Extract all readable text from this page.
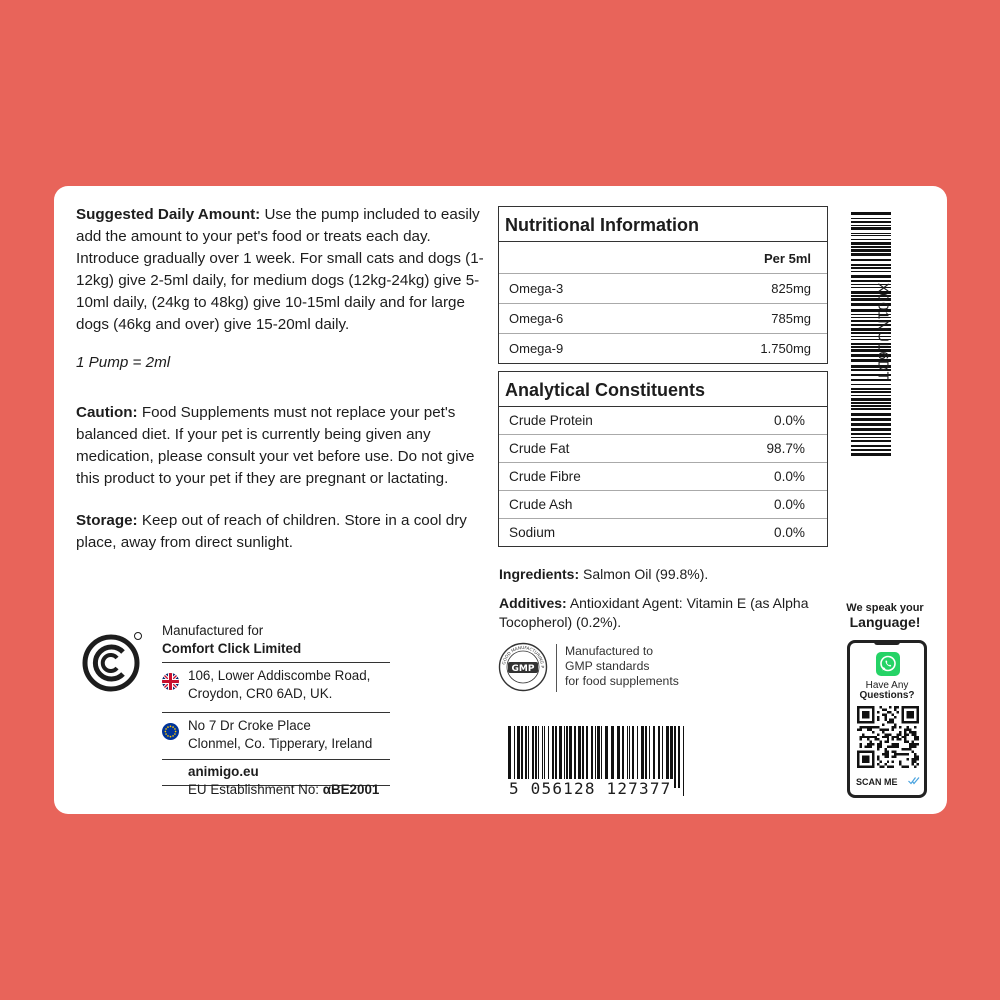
Suggested Daily Amount: Use the pump included to easily add the amount to your pet's food or treats each day. Introduce gradually over 1 week. For small cats and dogs (1-12kg) give 2-5ml daily, for medium dogs (12kg-24kg) give 5-10ml daily, (24kg to 48kg) give 10-15ml daily and for large dogs (46kg and over) give 15-20ml daily.

1 Pump = 2ml

Caution: Food Supplements must not replace your pet's balanced diet. If your pet is currently being given any medication, please consult your vet before use. Do not give this product to your pet if they are pregnant or lactating.

Storage: Keep out of reach of children. Store in a cool dry place, away from direct sunlight.

Manufactured for
Comfort Click Limited
106, Lower Addiscombe Road,
Croydon, CR0 6AD, UK.
No 7 Dr Croke Place
Clonmel, Co. Tipperary, Ireland
animigo.eu
EU Establishment No: αBE2001
Nutritional Information
Per 5ml
Omega-3	825mg
Omega-6	785mg
Omega-9	1.750mg
Analytical Constituents
Crude Protein	0.0%
Crude Fat	98.7%
Crude Fibre	0.0%
Crude Ash	0.0%
Sodium	0.0%

Ingredients: Salmon Oil (99.8%).

Additives: Antioxidant Agent: Vitamin E (as Alpha Tocopherol) (0.2%).

GOOD MANUFACTURING P
GMP
Manufactured to
GMP standards
for food supplements
5 056128 127377
X001NUL6DT
We speak your
Language!
Have Any
Questions?
SCAN ME
